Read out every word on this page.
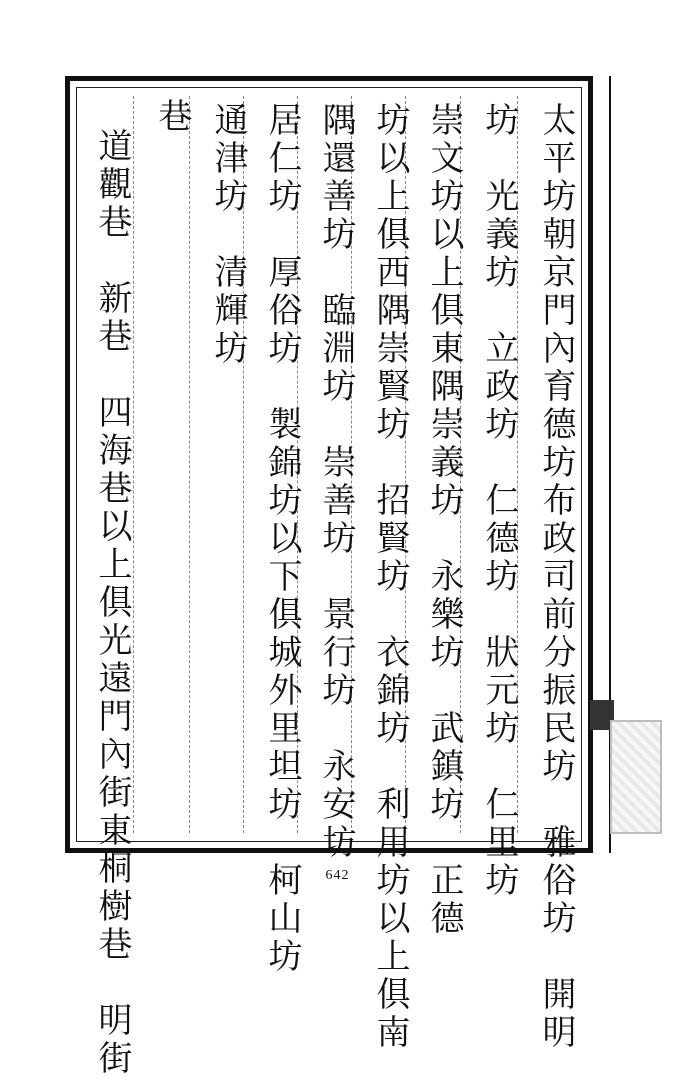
太平坊朝京門內育德坊布政司前分振民坊　雅俗坊　開明
坊　光義坊　立政坊　仁德坊　狀元坊　仁里坊
崇文坊以上俱東隅崇義坊　永樂坊　武鎮坊　正德
坊以上俱西隅崇賢坊　招賢坊　衣錦坊　利用坊以上俱南
隅還善坊　臨淵坊　崇善坊　景行坊　永安坊
居仁坊　厚俗坊　製錦坊以下俱城外里坦坊　柯山坊
通津坊　清輝坊
巷
道觀巷　新巷　四海巷以上俱光遠門內街東桐樹巷　明街	642
